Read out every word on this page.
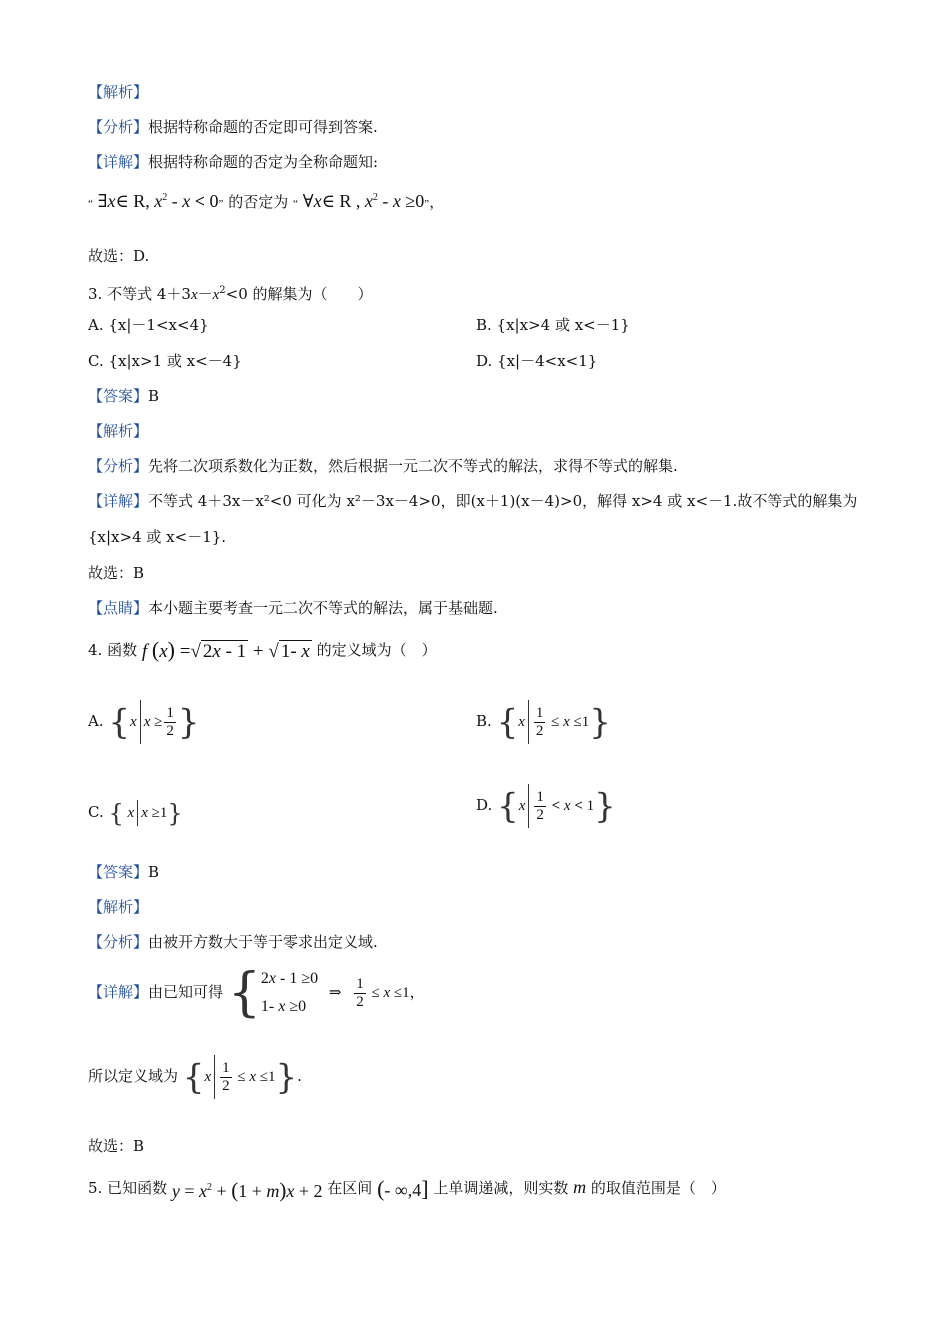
【解析】
【分析】根据特称命题的否定即可得到答案.
【详解】根据特称命题的否定为全称命题知:
“ ∃x∈ R, $x^2 - x < 0$” 的否定为 “ ∀x∈ R , $x^2 - x \ge 0$”，
故选：D.
3. 不等式 $4+3x-x^2<0$ 的解集为（　　）
A. {x|－1<x<4}	B. {x|x>4 或 x<－1}
C. {x|x>1 或 x<－4}	D. {x|－4<x<1}
【答案】B
【解析】
【分析】先将二次项系数化为正数，然后根据一元二次不等式的解法，求得不等式的解集.
【详解】不等式 4＋3x－x²<0 可化为 x²－3x－4>0，即(x＋1)(x－4)>0，解得 x>4 或 x<－1.故不等式的解集为
{x|x>4 或 x<－1}.
故选：B
【点睛】本小题主要考查一元二次不等式的解法，属于基础题.
4. 函数 f (x) =√ 2x - 1 + √ 1- x 的定义域为（　）
A. {x $x \ge \frac{1}{2}$ }	B. $\{x \frac{1}{2} \le x \le 1\}$
C. { x x ≥1}	D. $\{x \frac{1}{2} < x < 1\}$
【答案】B
【解析】
【分析】由被开方数大于等于零求出定义域.
【详解】由已知可得 { 2x - 1 ≥0
1- x ≥0
⇒ $\frac{1}{2} \le x \le 1$，
所以定义域为 $\{x \frac{1}{2} \le x \le 1\}$.
故选：B
5. 已知函数 $y = x^2 + (1 + m)x + 2$ 在区间 (- ∞,4] 上单调递减，则实数 m 的取值范围是（　）
